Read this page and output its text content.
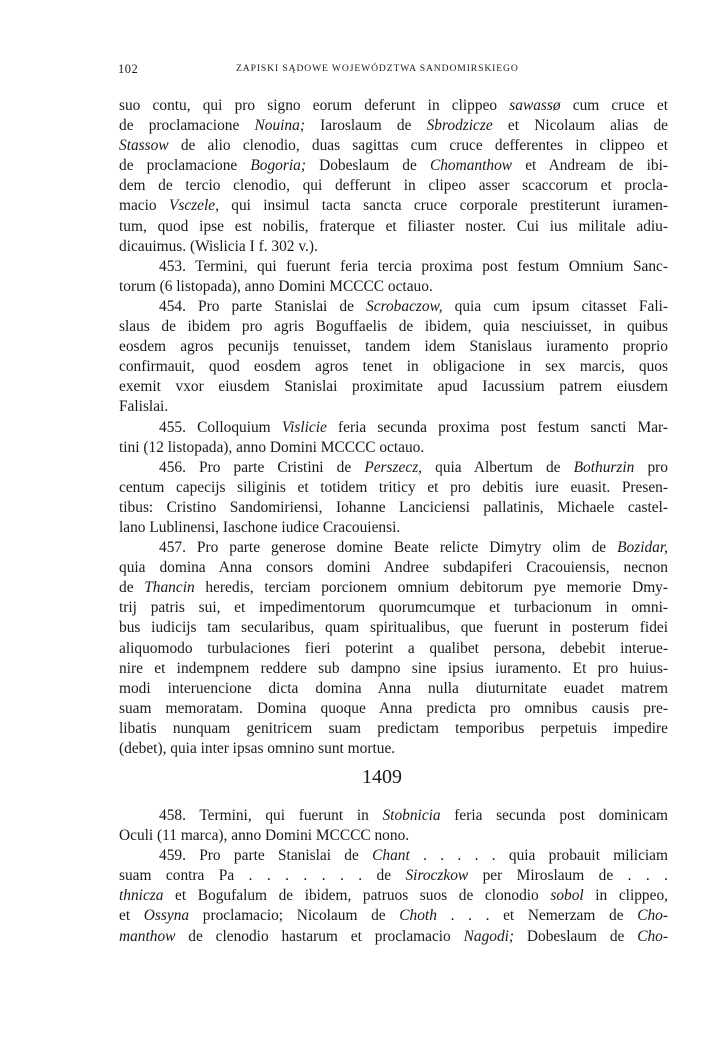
102	ZAPISKI SĄDOWE WOJEWÓDZTWA SANDOMIRSKIEGO
suo contu, qui pro signo eorum deferunt in clippeo sawassø cum cruce et
de proclamacione Nouina; Iaroslaum de Sbrodzicze et Nicolaum alias de
Stassow de alio clenodio, duas sagittas cum cruce defferentes in clippeo et
de proclamacione Bogoria; Dobeslaum de Chomanthow et Andream de ibi-
dem de tercio clenodio, qui defferunt in clipeo asser scaccorum et procla-
macio Vsczele, qui insimul tacta sancta cruce corporale prestiterunt iuramen-
tum, quod ipse est nobilis, fraterque et filiaster noster. Cui ius militale adiu-
dicauimus. (Wislicia I f. 302 v.).
453. Termini, qui fuerunt feria tercia proxima post festum Omnium Sanc-
torum (6 listopada), anno Domini MCCCC octauo.
454. Pro parte Stanislai de Scrobaczow, quia cum ipsum citasset Fali-
slaus de ibidem pro agris Boguffaelis de ibidem, quia nesciuisset, in quibus
eosdem agros pecunijs tenuisset, tandem idem Stanislaus iuramento proprio
confirmauit, quod eosdem agros tenet in obligacione in sex marcis, quos
exemit vxor eiusdem Stanislai proximitate apud Iacussium patrem eiusdem
Falislai.
455. Colloquium Vislicie feria secunda proxima post festum sancti Mar-
tini (12 listopada), anno Domini MCCCC octauo.
456. Pro parte Cristini de Perszecz, quia Albertum de Bothurzin pro
centum capecijs siliginis et totidem triticy et pro debitis iure euasit. Presen-
tibus: Cristino Sandomiriensi, Iohanne Lanciciensi pallatinis, Michaele castel-
lano Lublinensi, Iaschone iudice Cracouiensi.
457. Pro parte generose domine Beate relicte Dimytry olim de Bozidar,
quia domina Anna consors domini Andree subdapiferi Cracouiensis, necnon
de Thancin heredis, terciam porcionem omnium debitorum pye memorie Dmy-
trij patris sui, et impedimentorum quorumcumque et turbacionum in omni-
bus iudicijs tam secularibus, quam spiritualibus, que fuerunt in posterum fidei
aliquomodo turbulaciones fieri poterint a qualibet persona, debebit interue-
nire et indempnem reddere sub dampno sine ipsius iuramento. Et pro huius-
modi interuencione dicta domina Anna nulla diuturnitate euadet matrem
suam memoratam. Domina quoque Anna predicta pro omnibus causis pre-
libatis nunquam genitricem suam predictam temporibus perpetuis impedire
(debet), quia inter ipsas omnino sunt mortue.
1409
458. Termini, qui fuerunt in Stobnicia feria secunda post dominicam
Oculi (11 marca), anno Domini MCCCC nono.
459. Pro parte Stanislai de Chant . . . . . quia probauit miliciam
suam contra Pa . . . . . . . de Siroczkow per Miroslaum de . . .
thnicza et Bogufalum de ibidem, patruos suos de clonodio sobol in clippeo,
et Ossyna proclamacio; Nicolaum de Choth . . . et Nemerzam de Cho-
manthow de clenodio hastarum et proclamacio Nagodi; Dobeslaum de Cho-
